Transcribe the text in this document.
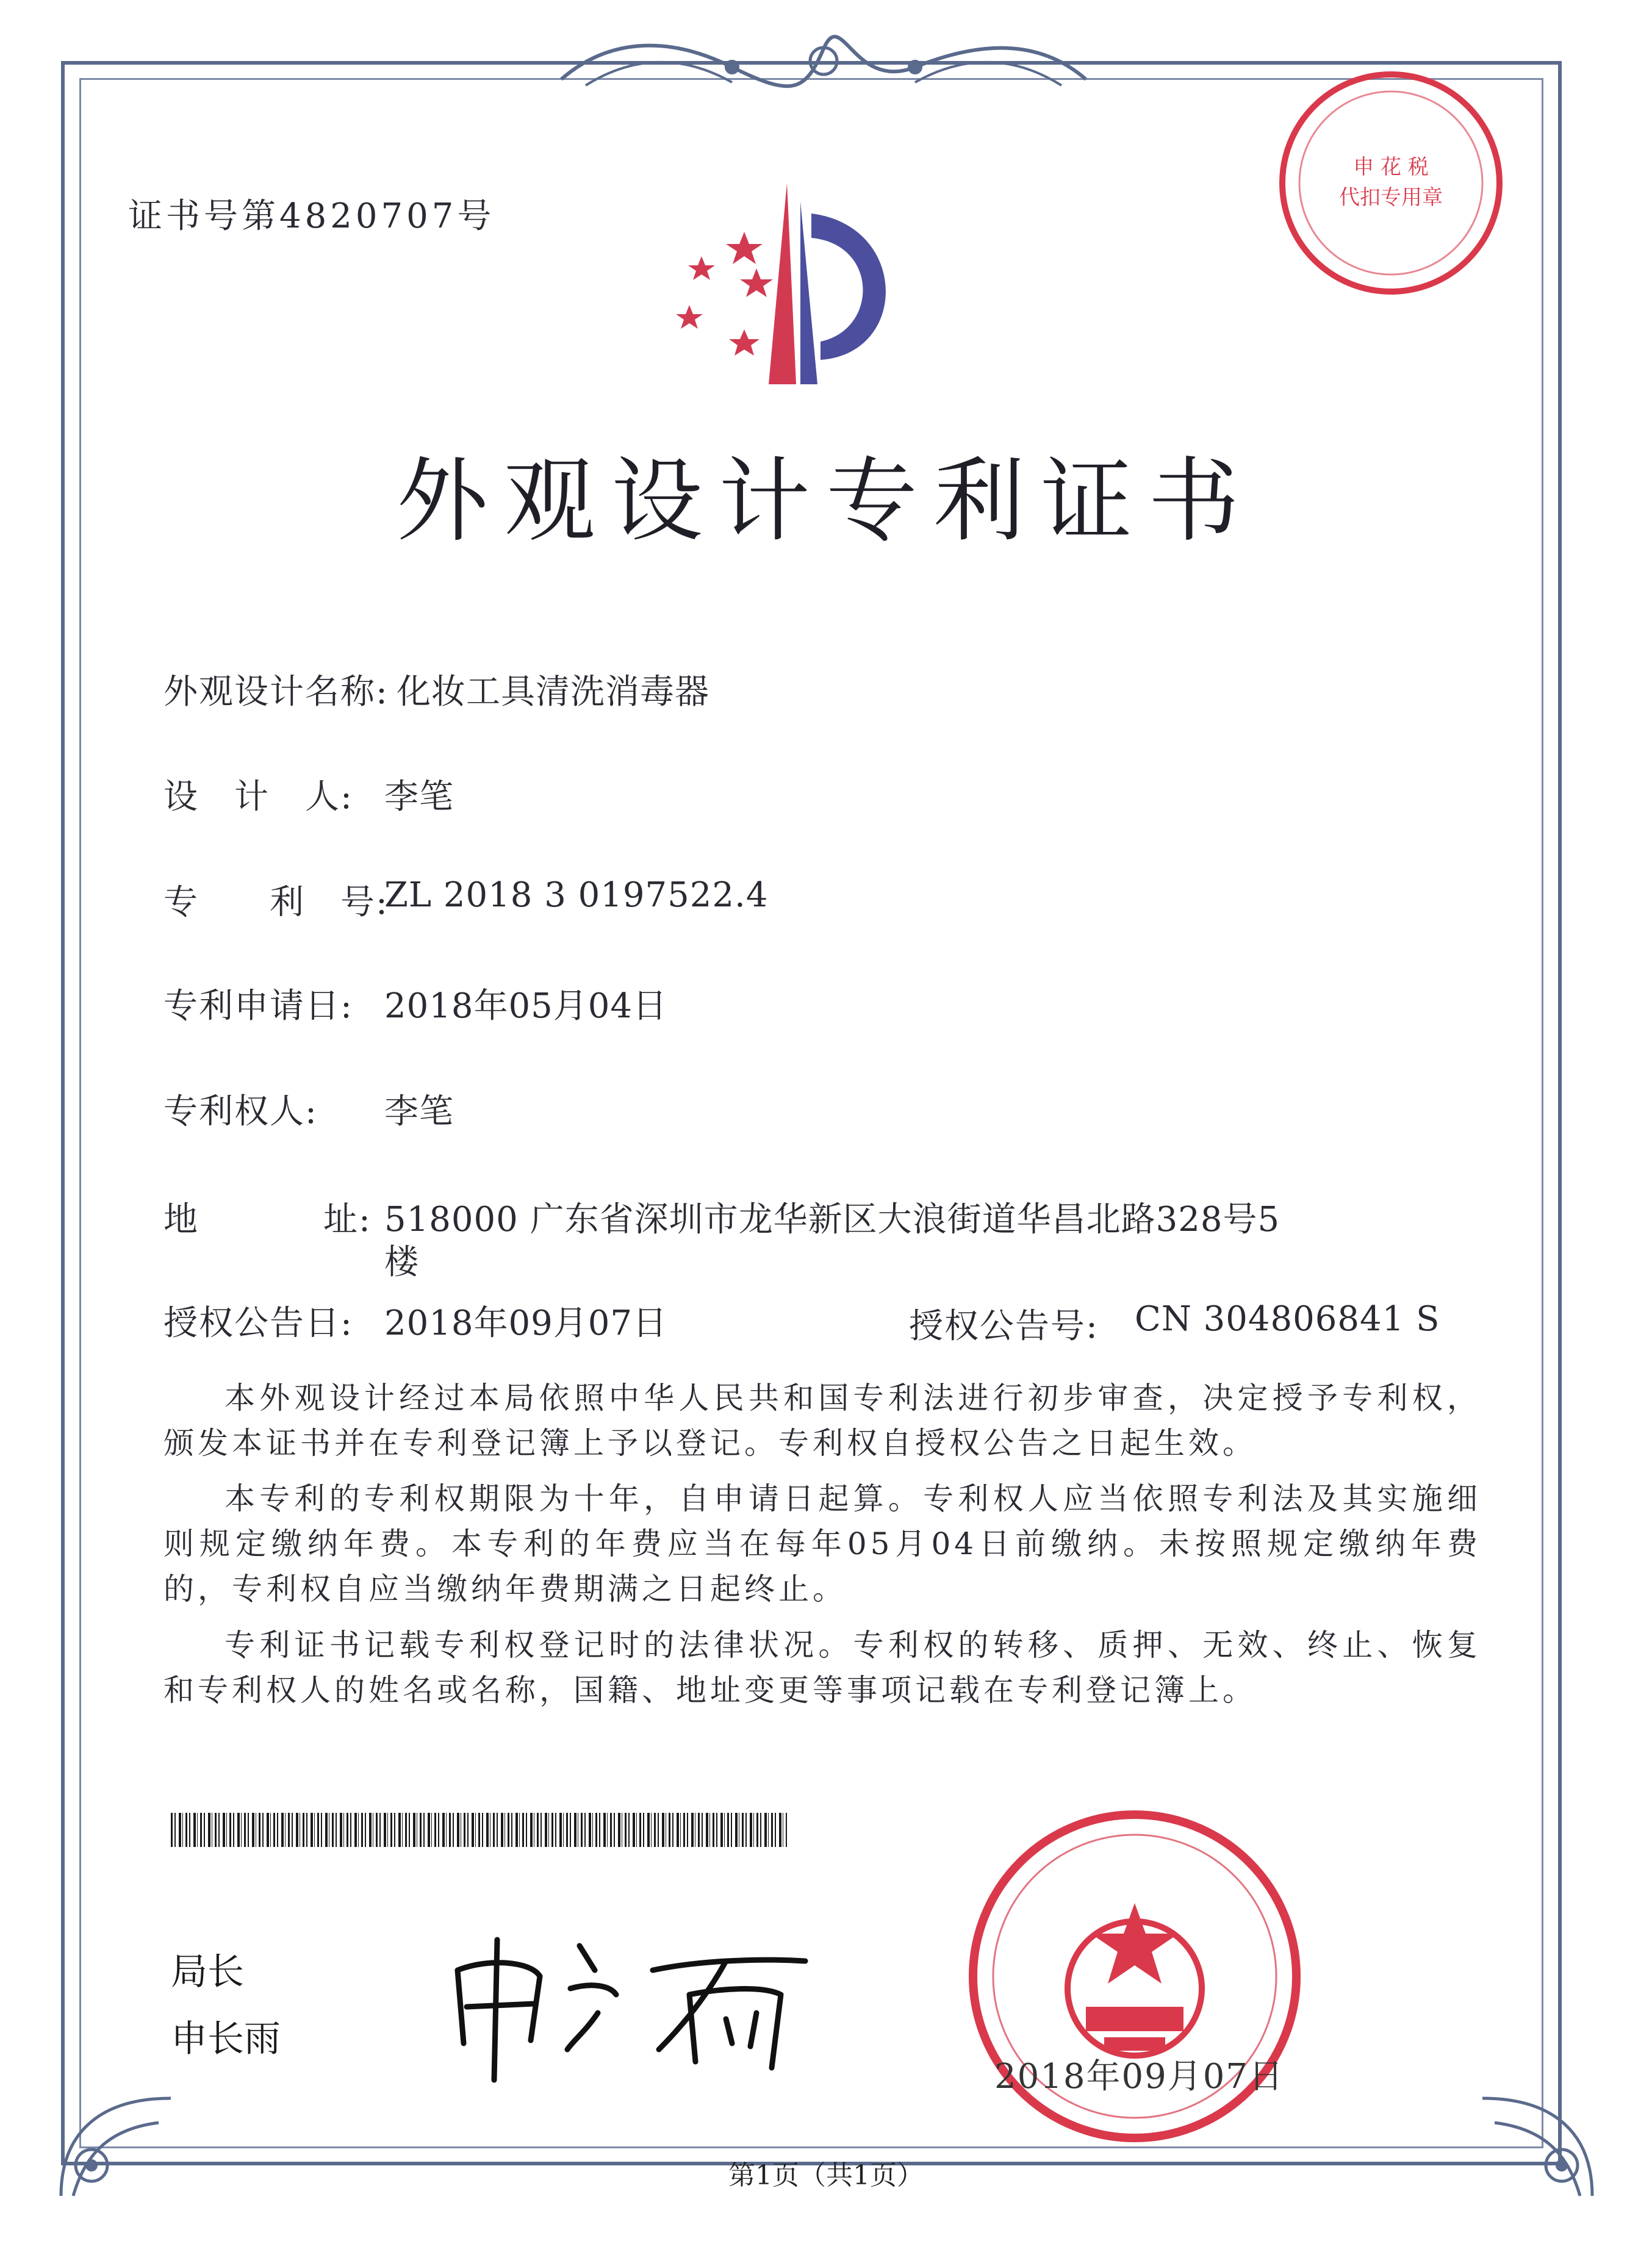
证书号第4820707号
申 花 税
代扣专用章
外观设计专利证书
外观设计名称: 化妆工具清洗消毒器
设　计　人: 李笔
专　　利　号:
ZL 2018 3 0197522.4
专利申请日: 2018年05月04日
专利权人: 李笔
地	址: 518000 广东省深圳市龙华新区大浪街道华昌北路328号5
楼
授权公告日: 2018年09月07日	授权公告号: CN 304806841 S
本外观设计经过本局依照中华人民共和国专利法进行初步审查，决定授予专利权，颁发本证书并在专利登记簿上予以登记。专利权自授权公告之日起生效。
本专利的专利权期限为十年，自申请日起算。专利权人应当依照专利法及其实施细则规定缴纳年费。本专利的年费应当在每年05月04日前缴纳。未按照规定缴纳年费的，专利权自应当缴纳年费期满之日起终止。
专利证书记载专利权登记时的法律状况。专利权的转移、质押、无效、终止、恢复和专利权人的姓名或名称，国籍、地址变更等事项记载在专利登记簿上。
局长
申长雨
2018年09月07日
第1页（共1页）
